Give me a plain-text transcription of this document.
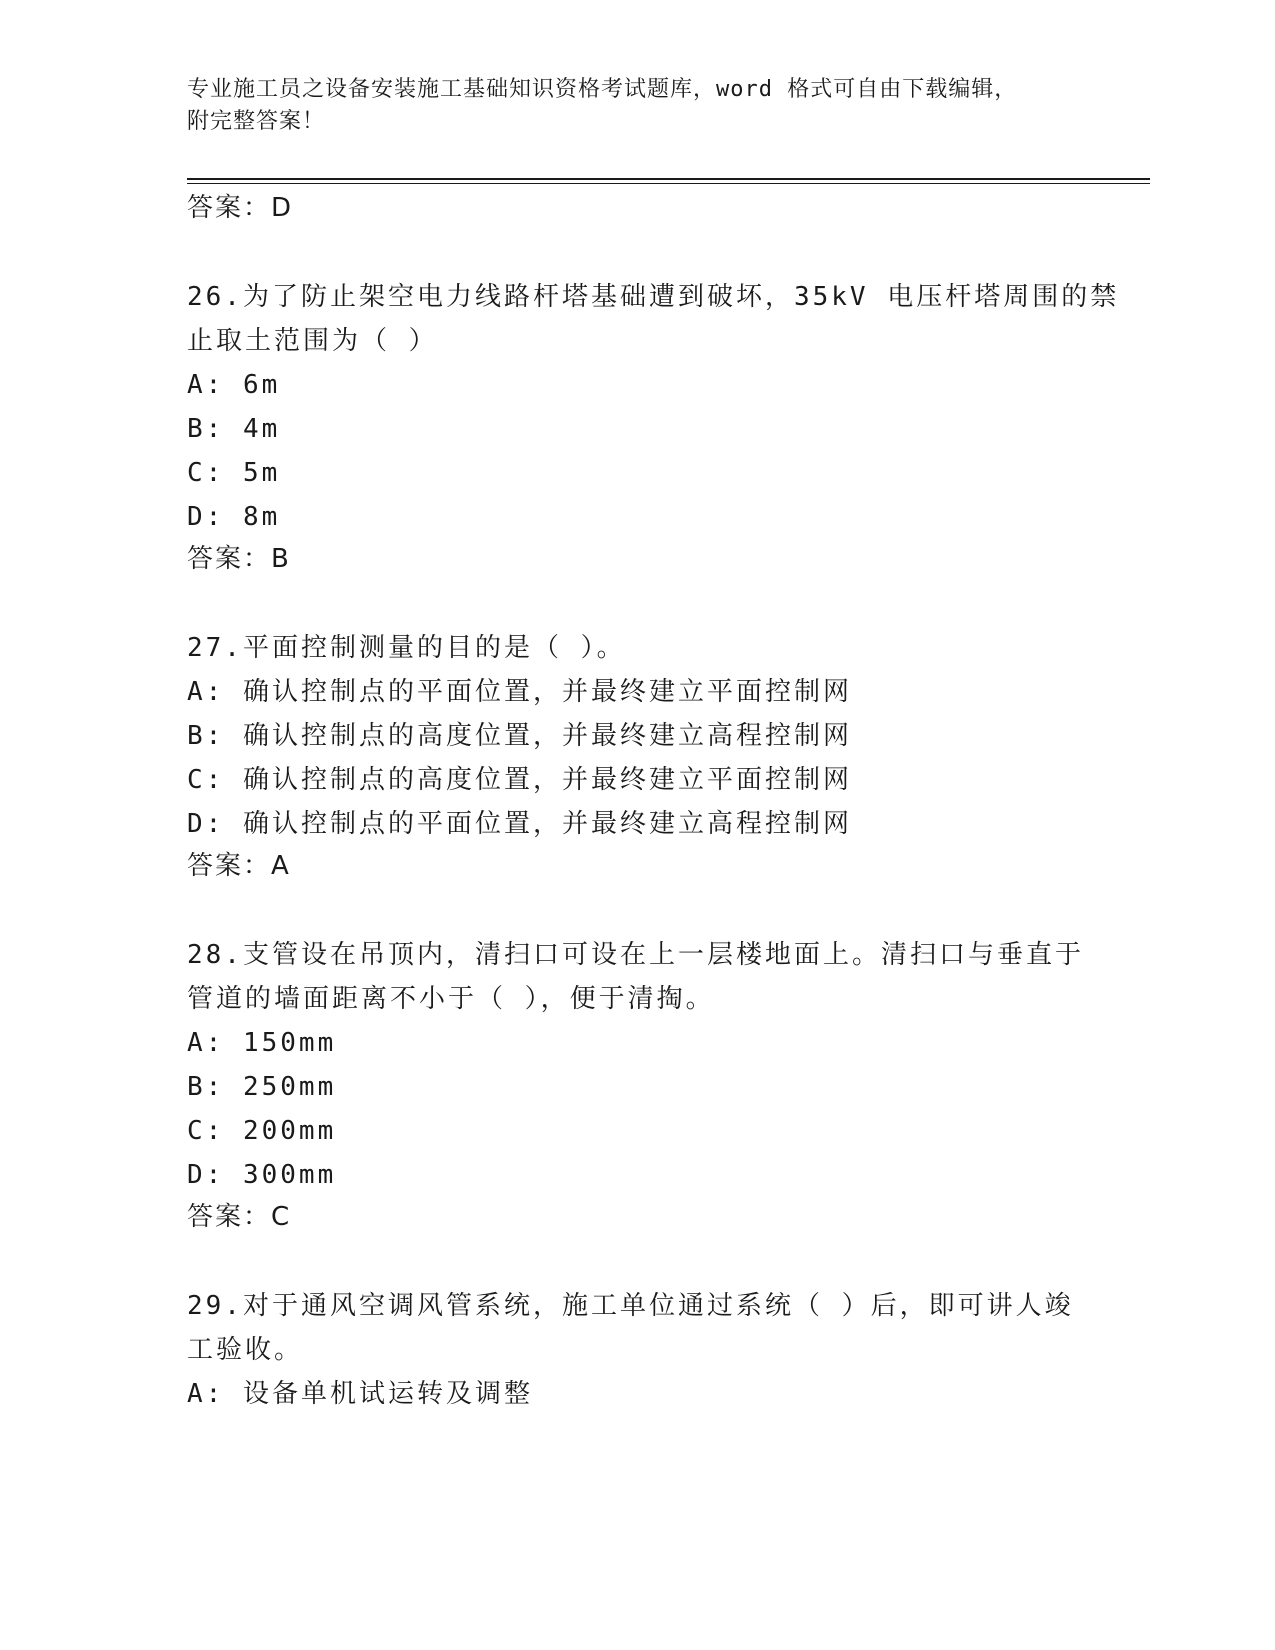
专业施工员之设备安装施工基础知识资格考试题库，word 格式可自由下载编辑，
附完整答案！
答案：D
26.为了防止架空电力线路杆塔基础遭到破坏，35kV 电压杆塔周围的禁
止取土范围为（ ）
A: 6m
B: 4m
C: 5m
D: 8m
答案：B
27.平面控制测量的目的是（ ）。
A: 确认控制点的平面位置，并最终建立平面控制网
B: 确认控制点的高度位置，并最终建立高程控制网
C: 确认控制点的高度位置，并最终建立平面控制网
D: 确认控制点的平面位置，并最终建立高程控制网
答案：A
28.支管设在吊顶内，清扫口可设在上一层楼地面上。清扫口与垂直于
管道的墙面距离不小于（ ），便于清掏。
A: 150mm
B: 250mm
C: 200mm
D: 300mm
答案：C
29.对于通风空调风管系统，施工单位通过系统（ ）后，即可讲人竣
工验收。
A: 设备单机试运转及调整
